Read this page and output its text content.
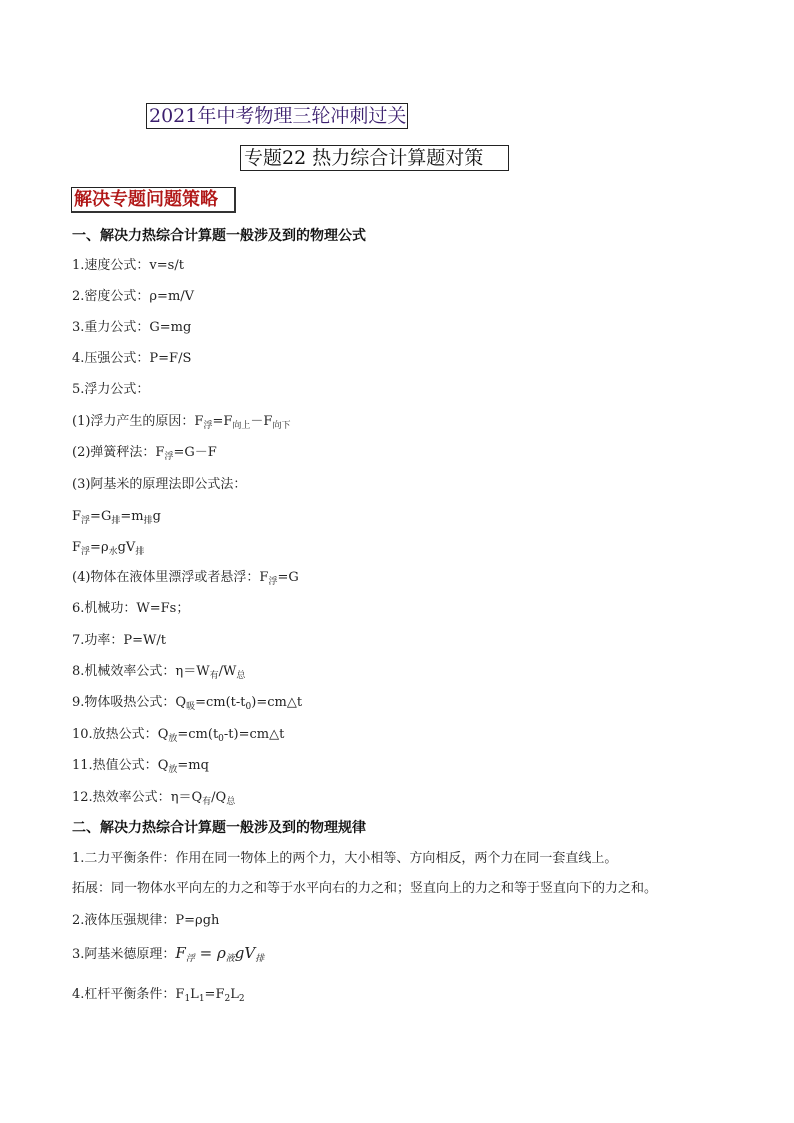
2021年中考物理三轮冲刺过关
专题22 热力综合计算题对策
解决专题问题策略
一、解决力热综合计算题一般涉及到的物理公式
1.速度公式：v=s/t
2.密度公式：ρ=m/V
3.重力公式：G=mg
4.压强公式：P=F/S
5.浮力公式：
(1)浮力产生的原因：$F_浮=F_{向上}-F_{向下}$
(2)弹簧秤法：$F_浮=G-F$
(3)阿基米的原理法即公式法：
$F_浮=G_排=m_排g$
$F_浮=\rho_水gV_排$
(4)物体在液体里漂浮或者悬浮：$F_浮=G$
6.机械功：W=Fs；
7.功率：P=W/t
8.机械效率公式：$\eta=W_有/W_总$
9.物体吸热公式：$Q_吸=cm(t-t_0)=cm\triangle t$
10.放热公式：$Q_放=cm(t_0-t)=cm\triangle t$
11.热值公式：$Q_放=mq$
12.热效率公式：$\eta=Q_有/Q_总$
二、解决力热综合计算题一般涉及到的物理规律
1.二力平衡条件：作用在同一物体上的两个力，大小相等、方向相反，两个力在同一套直线上。
拓展：同一物体水平向左的力之和等于水平向右的力之和；竖直向上的力之和等于竖直向下的力之和。
2.液体压强规律：P=ρgh
3.阿基米德原理：$F_浮 = \rho_液gV_排$
4.杠杆平衡条件：$F_1L_1=F_2L_2$
